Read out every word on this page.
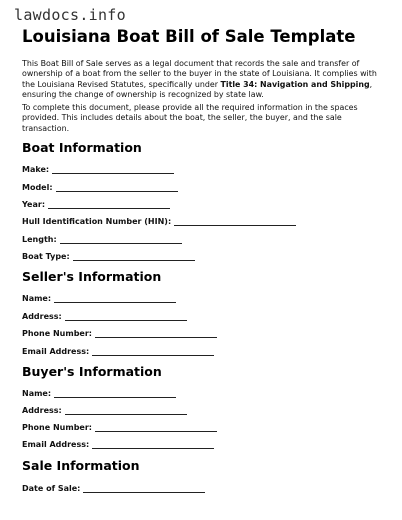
lawdocs.info
Louisiana Boat Bill of Sale Template

This Boat Bill of Sale serves as a legal document that records the sale and transfer of ownership of a boat from the seller to the buyer in the state of Louisiana. It complies with the Louisiana Revised Statutes, specifically under Title 34: Navigation and Shipping, ensuring the change of ownership is recognized by state law.

To complete this document, please provide all the required information in the spaces provided. This includes details about the boat, the seller, the buyer, and the sale transaction.

Boat Information
Make:
Model:
Year:
Hull Identification Number (HIN):
Length:
Boat Type:
Seller's Information
Name:
Address:
Phone Number:
Email Address:
Buyer's Information
Name:
Address:
Phone Number:
Email Address:
Sale Information
Date of Sale:
